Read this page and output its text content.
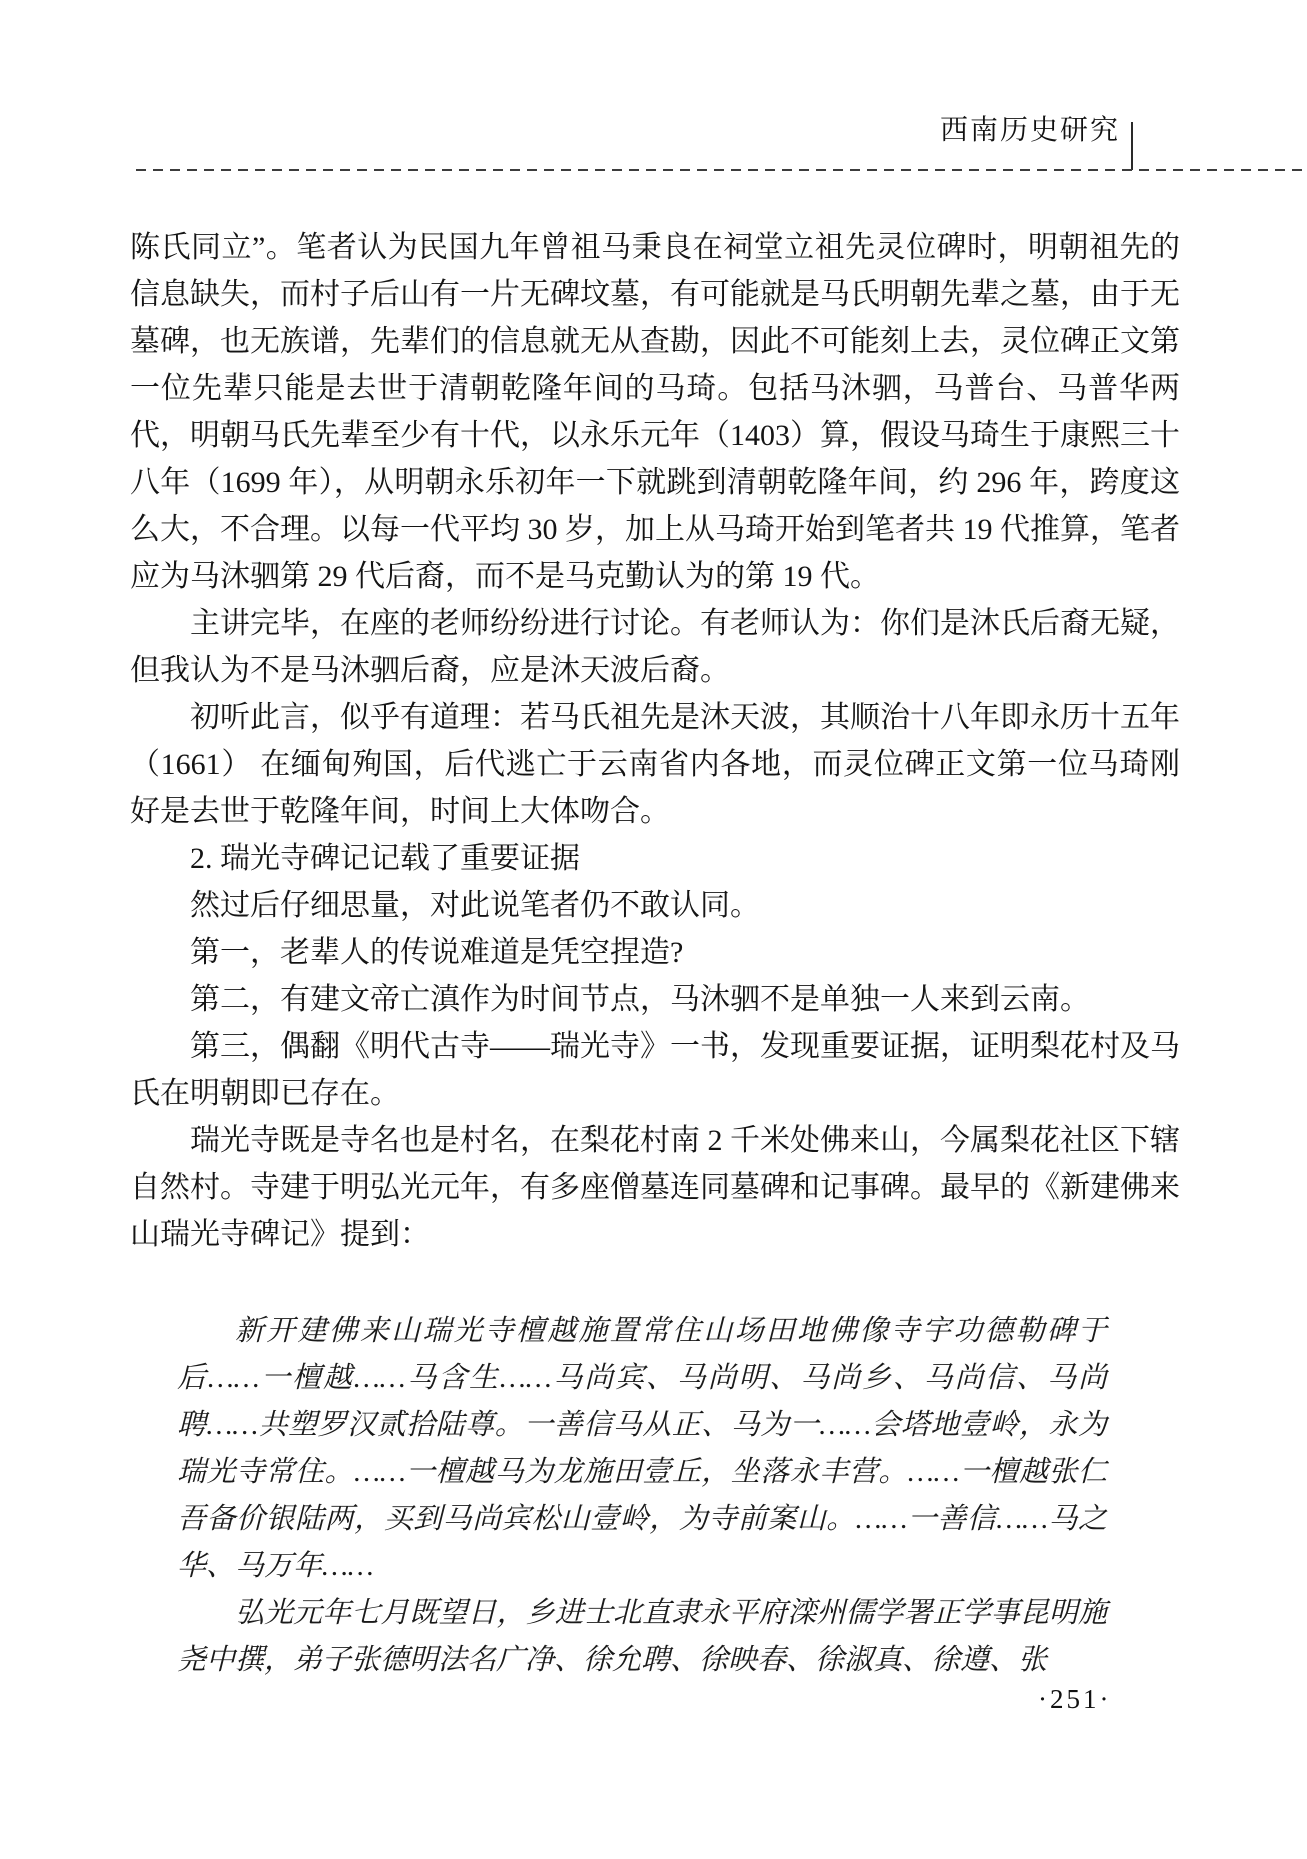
西南历史研究

陈氏同立”。笔者认为民国九年曾祖马秉良在祠堂立祖先灵位碑时，明朝祖先的信息缺失，而村子后山有一片无碑坟墓，有可能就是马氏明朝先辈之墓，由于无墓碑，也无族谱，先辈们的信息就无从查勘，因此不可能刻上去，灵位碑正文第一位先辈只能是去世于清朝乾隆年间的马琦。包括马沐驷，马普台、马普华两代，明朝马氏先辈至少有十代，以永乐元年（1403）算，假设马琦生于康熙三十八年（1699 年），从明朝永乐初年一下就跳到清朝乾隆年间，约 296 年，跨度这么大，不合理。以每一代平均 30 岁，加上从马琦开始到笔者共 19 代推算，笔者应为马沐驷第 29 代后裔，而不是马克勤认为的第 19 代。

主讲完毕，在座的老师纷纷进行讨论。有老师认为：你们是沐氏后裔无疑，但我认为不是马沐驷后裔，应是沐天波后裔。

初听此言，似乎有道理：若马氏祖先是沐天波，其顺治十八年即永历十五年（1661） 在缅甸殉国，后代逃亡于云南省内各地，而灵位碑正文第一位马琦刚好是去世于乾隆年间，时间上大体吻合。

2. 瑞光寺碑记记载了重要证据

然过后仔细思量，对此说笔者仍不敢认同。

第一，老辈人的传说难道是凭空捏造?

第二，有建文帝亡滇作为时间节点，马沐驷不是单独一人来到云南。

第三，偶翻《明代古寺——瑞光寺》一书，发现重要证据，证明梨花村及马氏在明朝即已存在。

瑞光寺既是寺名也是村名，在梨花村南 2 千米处佛来山，今属梨花社区下辖自然村。寺建于明弘光元年，有多座僧墓连同墓碑和记事碑。最早的《新建佛来山瑞光寺碑记》提到：

新开建佛来山瑞光寺檀越施置常住山场田地佛像寺宇功德勒碑于后……一檀越……马含生……马尚宾、马尚明、马尚乡、马尚信、马尚聘……共塑罗汉贰拾陆尊。一善信马从正、马为一……会塔地壹岭，永为瑞光寺常住。……一檀越马为龙施田壹丘，坐落永丰营。……一檀越张仁吾备价银陆两，买到马尚宾松山壹岭，为寺前案山。……一善信……马之华、马万年……

弘光元年七月既望日，乡进士北直隶永平府滦州儒学署正学事昆明施尧中撰，弟子张德明法名广净、徐允聘、徐映春、徐淑真、徐遵、张

·251·
